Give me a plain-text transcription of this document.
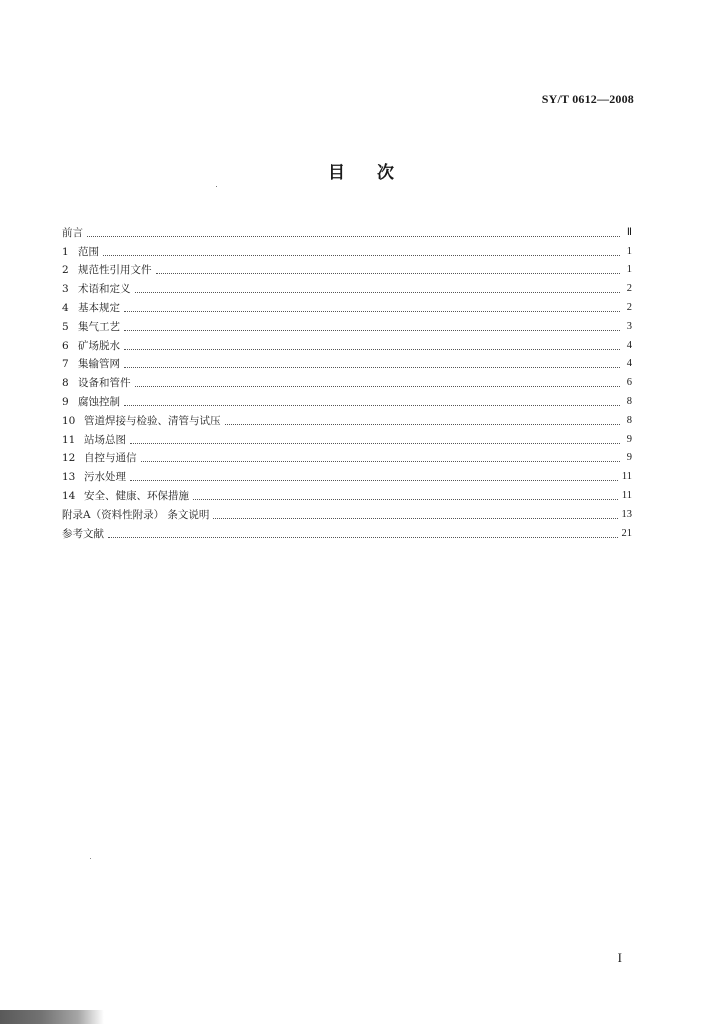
SY/T 0612—2008
目次
前言	Ⅱ
1 范围	1
2 规范性引用文件	1
3 术语和定义	2
4 基本规定	2
5 集气工艺	3
6 矿场脱水	4
7 集输管网	4
8 设备和管件	6
9 腐蚀控制	8
10 管道焊接与检验、清管与试压	8
11 站场总图	9
12 自控与通信	9
13 污水处理	11
14 安全、健康、环保措施	11
附录A（资料性附录） 条文说明	13
参考文献	21
I
